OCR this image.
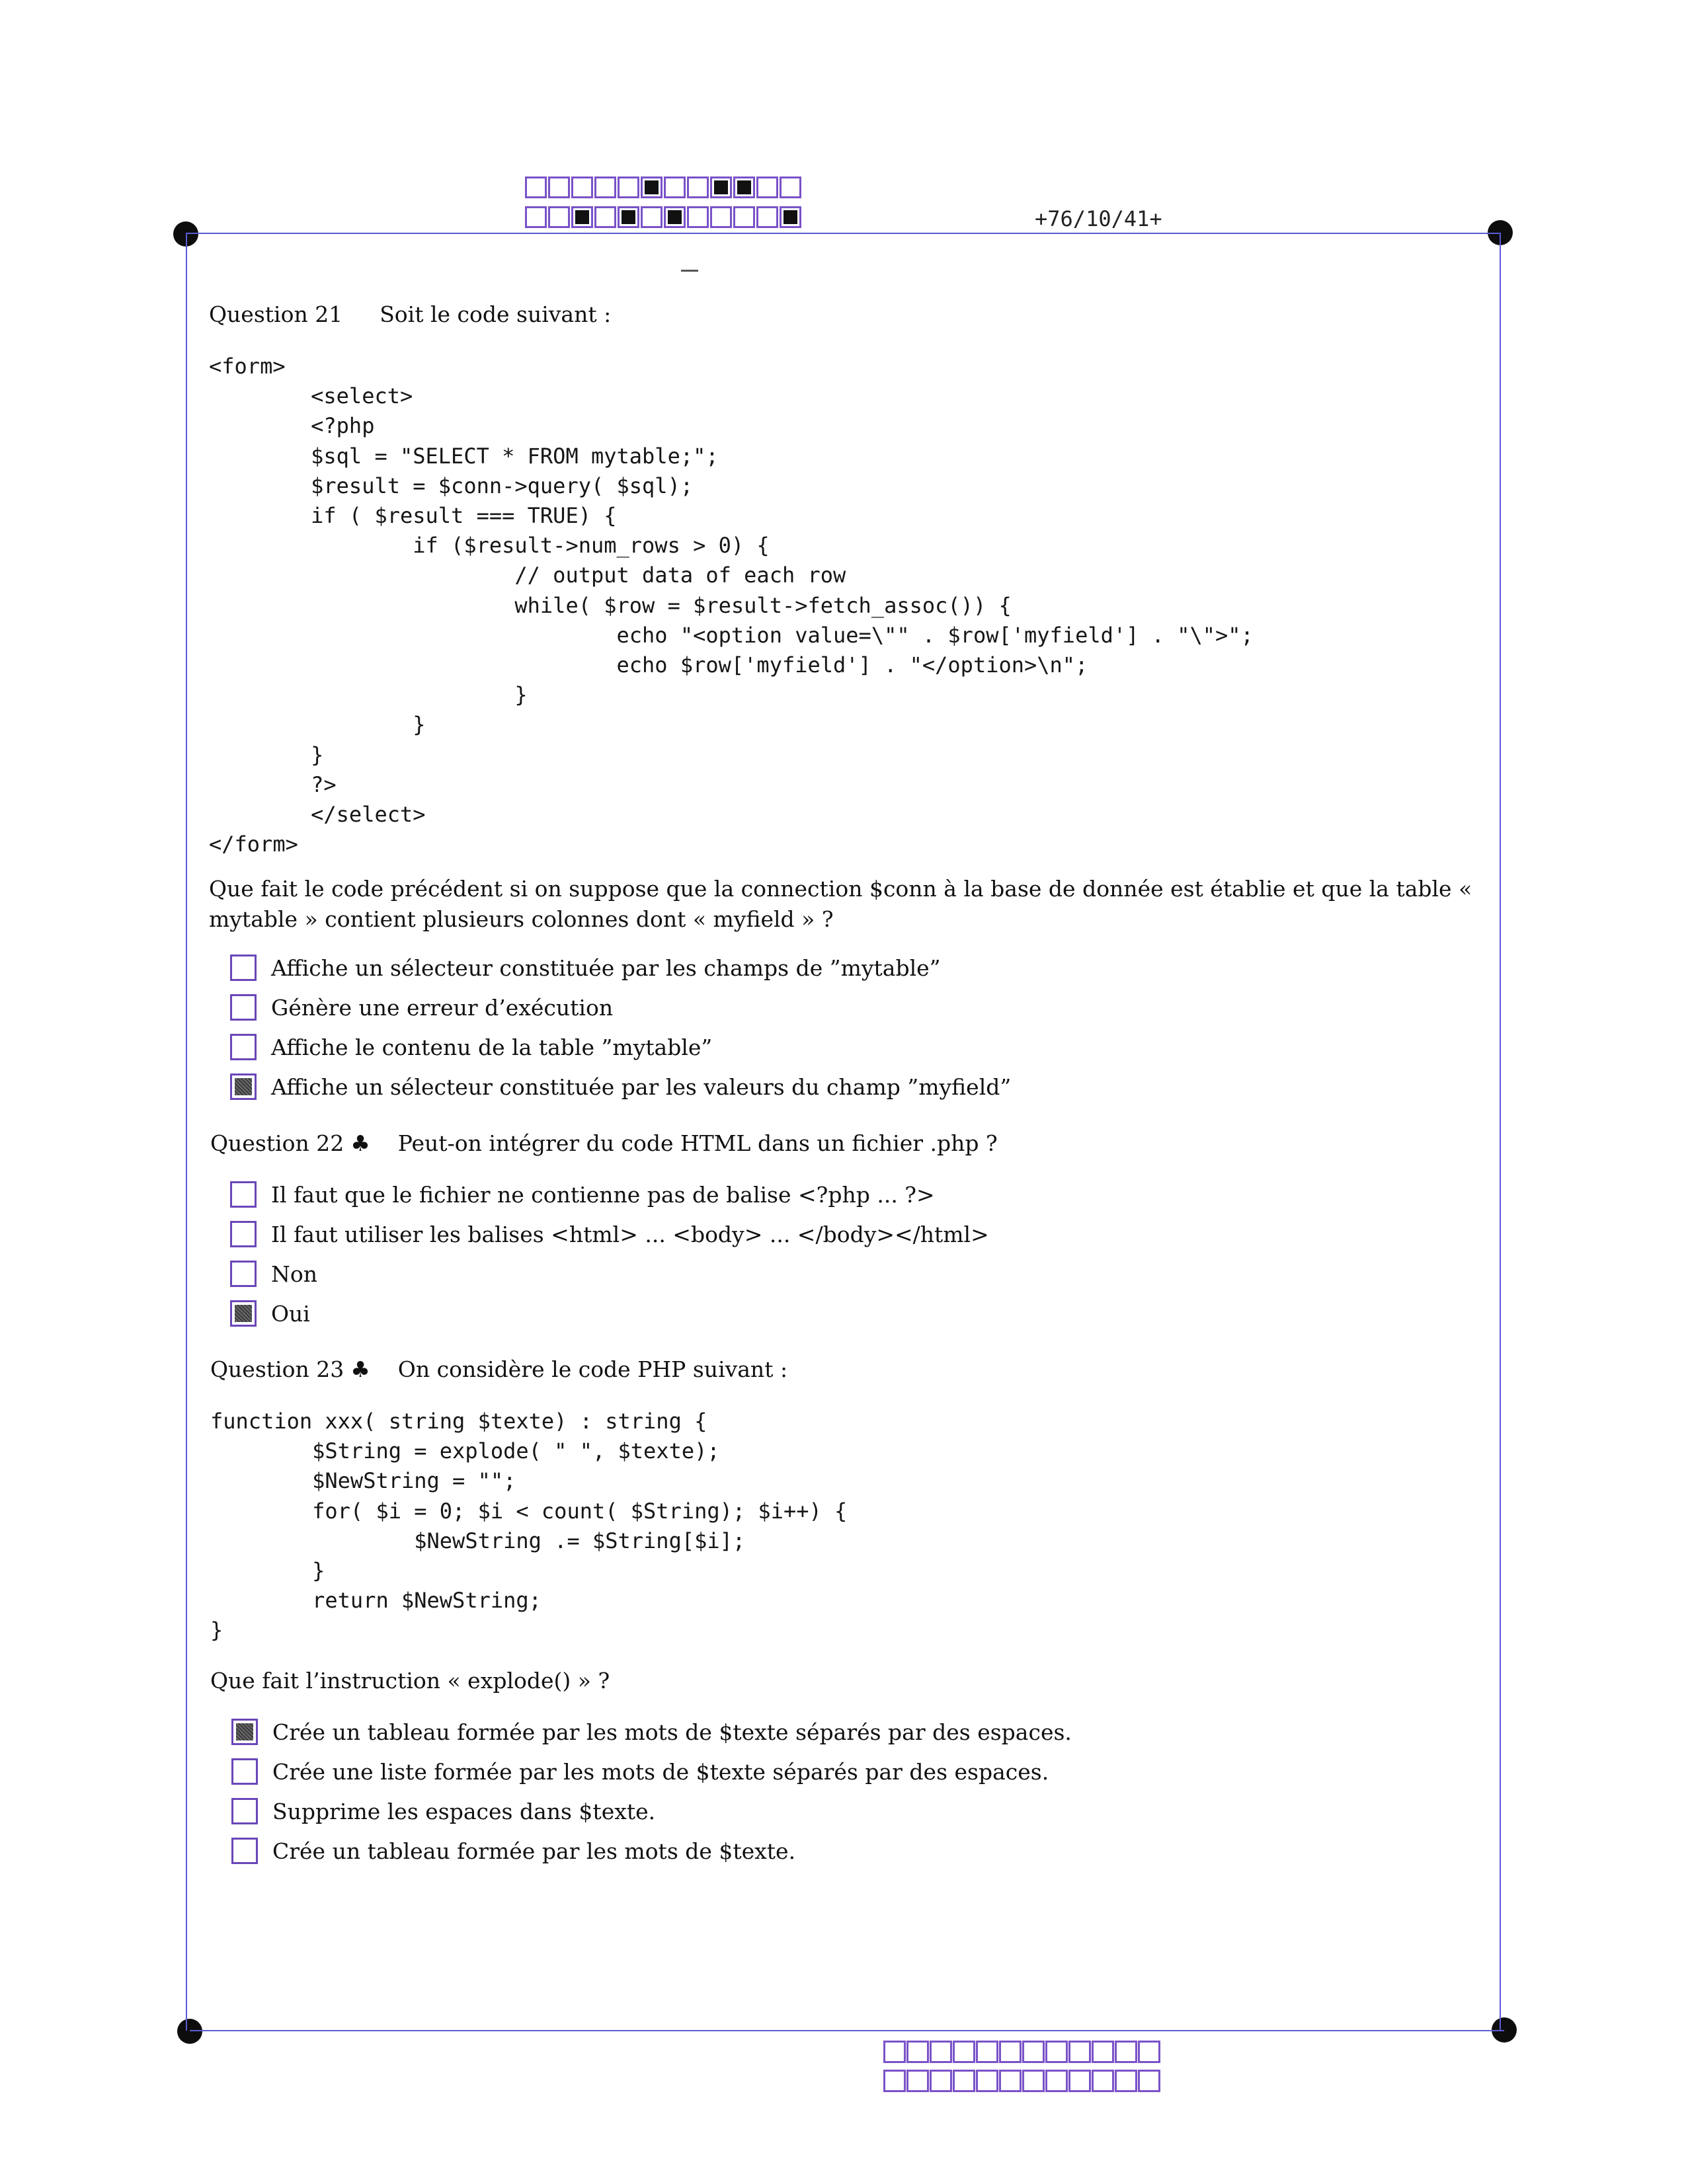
+76/10/41+
Question 21 Soit le code suivant :
<form>
<select>
<?php
$sql = "SELECT * FROM mytable;";
$result = $conn->query( $sql);
if ( $result === TRUE) {
if ($result->num_rows > 0) {
// output data of each row
while( $row = $result->fetch_assoc()) {
echo "<option value=\"" . $row['myfield'] . "\">";
echo $row['myfield'] . "</option>\n";
}
}
}
?>
</select>
</form>
Que fait le code précédent si on suppose que la connection $conn à la base de donnée est établie et que la table « mytable » contient plusieurs colonnes dont « myfield » ?
Affiche un sélecteur constituée par les champs de ”mytable”
Génère une erreur d’exécution
Affiche le contenu de la table ”mytable”
Affiche un sélecteur constituée par les valeurs du champ ”myfield”
Question 22 ♣ Peut-on intégrer du code HTML dans un fichier .php ?
Il faut que le fichier ne contienne pas de balise <?php ... ?>
Il faut utiliser les balises <html> ... <body> ... </body></html>
Non
Oui
Question 23 ♣ On considère le code PHP suivant :
function xxx( string $texte) : string {
$String = explode( " ", $texte);
$NewString = "";
for( $i = 0; $i < count( $String); $i++) {
$NewString .= $String[$i];
}
return $NewString;
}
Que fait l’instruction « explode() » ?
Crée un tableau formée par les mots de $texte séparés par des espaces.
Crée une liste formée par les mots de $texte séparés par des espaces.
Supprime les espaces dans $texte.
Crée un tableau formée par les mots de $texte.
